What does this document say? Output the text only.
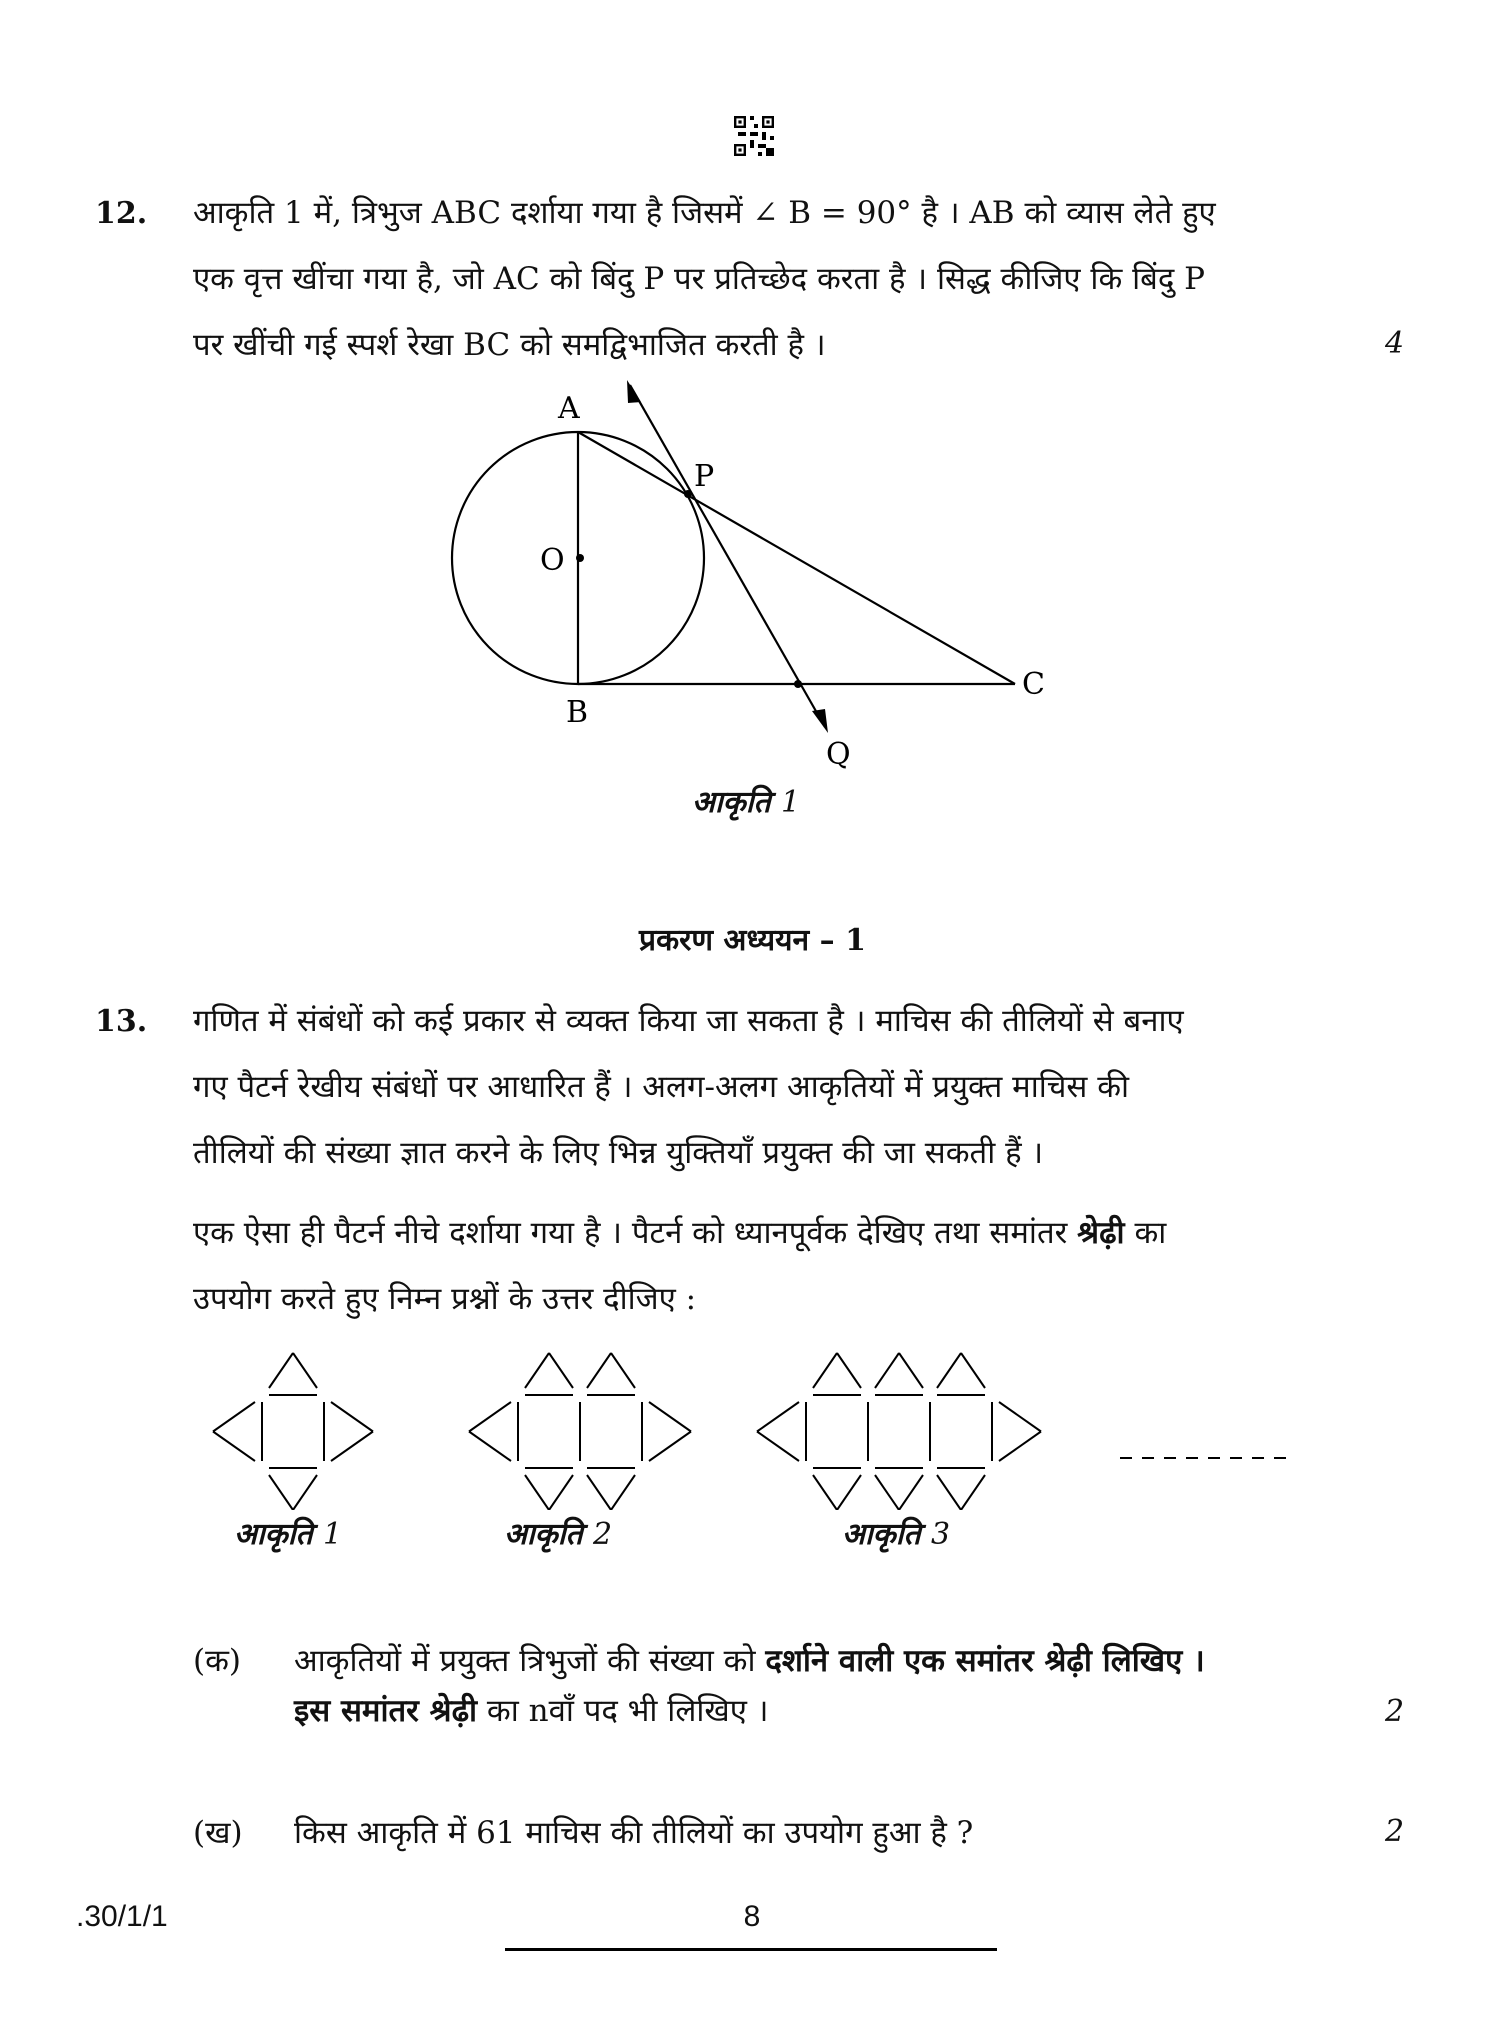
12. आकृति 1 में, त्रिभुज ABC दर्शाया गया है जिसमें ∠ B = 90° है । AB को व्यास लेते हुए
एक वृत्त खींचा गया है, जो AC को बिंदु P पर प्रतिच्छेद करता है । सिद्ध कीजिए कि बिंदु P
पर खींची गई स्पर्श रेखा BC को समद्विभाजित करती है ।	4
A
P
O
B
C
Q
आकृति 1
प्रकरण अध्ययन – 1
13. गणित में संबंधों को कई प्रकार से व्यक्त किया जा सकता है । माचिस की तीलियों से बनाए
गए पैटर्न रेखीय संबंधों पर आधारित हैं । अलग-अलग आकृतियों में प्रयुक्त माचिस की
तीलियों की संख्या ज्ञात करने के लिए भिन्न युक्तियाँ प्रयुक्त की जा सकती हैं ।
एक ऐसा ही पैटर्न नीचे दर्शाया गया है । पैटर्न को ध्यानपूर्वक देखिए तथा समांतर श्रेढ़ी का
उपयोग करते हुए निम्न प्रश्नों के उत्तर दीजिए :
आकृति 1	आकृति 2	आकृति 3
(क) आकृतियों में प्रयुक्त त्रिभुजों की संख्या को दर्शाने वाली एक समांतर श्रेढ़ी लिखिए ।
इस समांतर श्रेढ़ी का nवाँ पद भी लिखिए ।	2
(ख) किस आकृति में 61 माचिस की तीलियों का उपयोग हुआ है ?	2
.30/1/1	8
